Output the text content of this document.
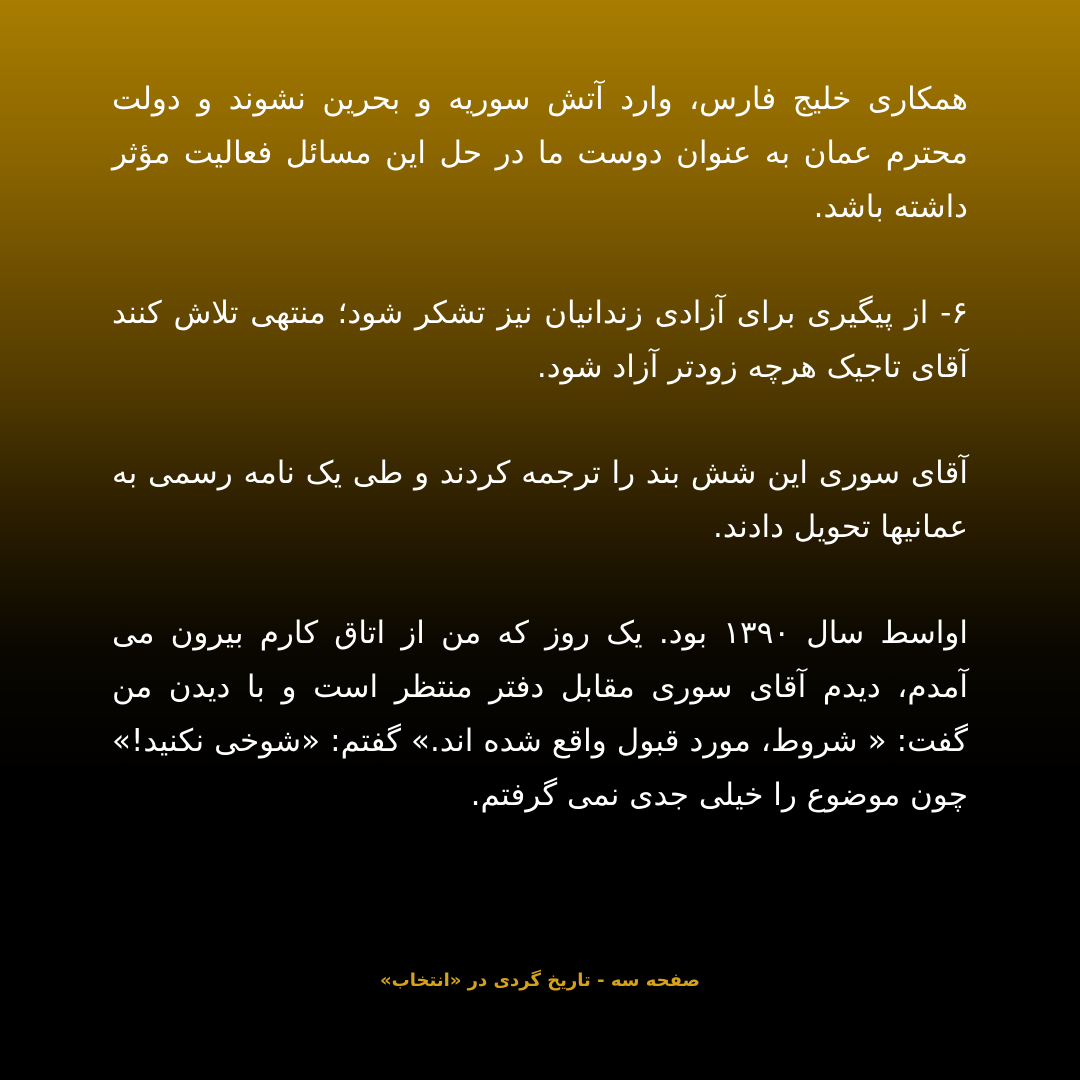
همکاری خلیج فارس، وارد آتش سوریه و بحرین نشوند و دولت محترم عمان به عنوان دوست ما در حل این مسائل فعالیت مؤثر داشته باشد.

۶- از پیگیری برای آزادی زندانیان نیز تشکر شود؛ منتهی تلاش کنند آقای تاجیک هرچه زودتر آزاد شود.

آقای سوری این شش بند را ترجمه کردند و طی یک نامه رسمی به عمانیها تحویل دادند.

اواسط سال ۱۳۹۰ بود. یک روز که من از اتاق کارم بیرون می آمدم، دیدم آقای سوری مقابل دفتر منتظر است و با دیدن من گفت: « شروط، مورد قبول واقع شده اند.» گفتم: «شوخی نکنید!» چون موضوع را خیلی جدی نمی گرفتم.

صفحه سه - تاریخ گردی در «انتخاب»
